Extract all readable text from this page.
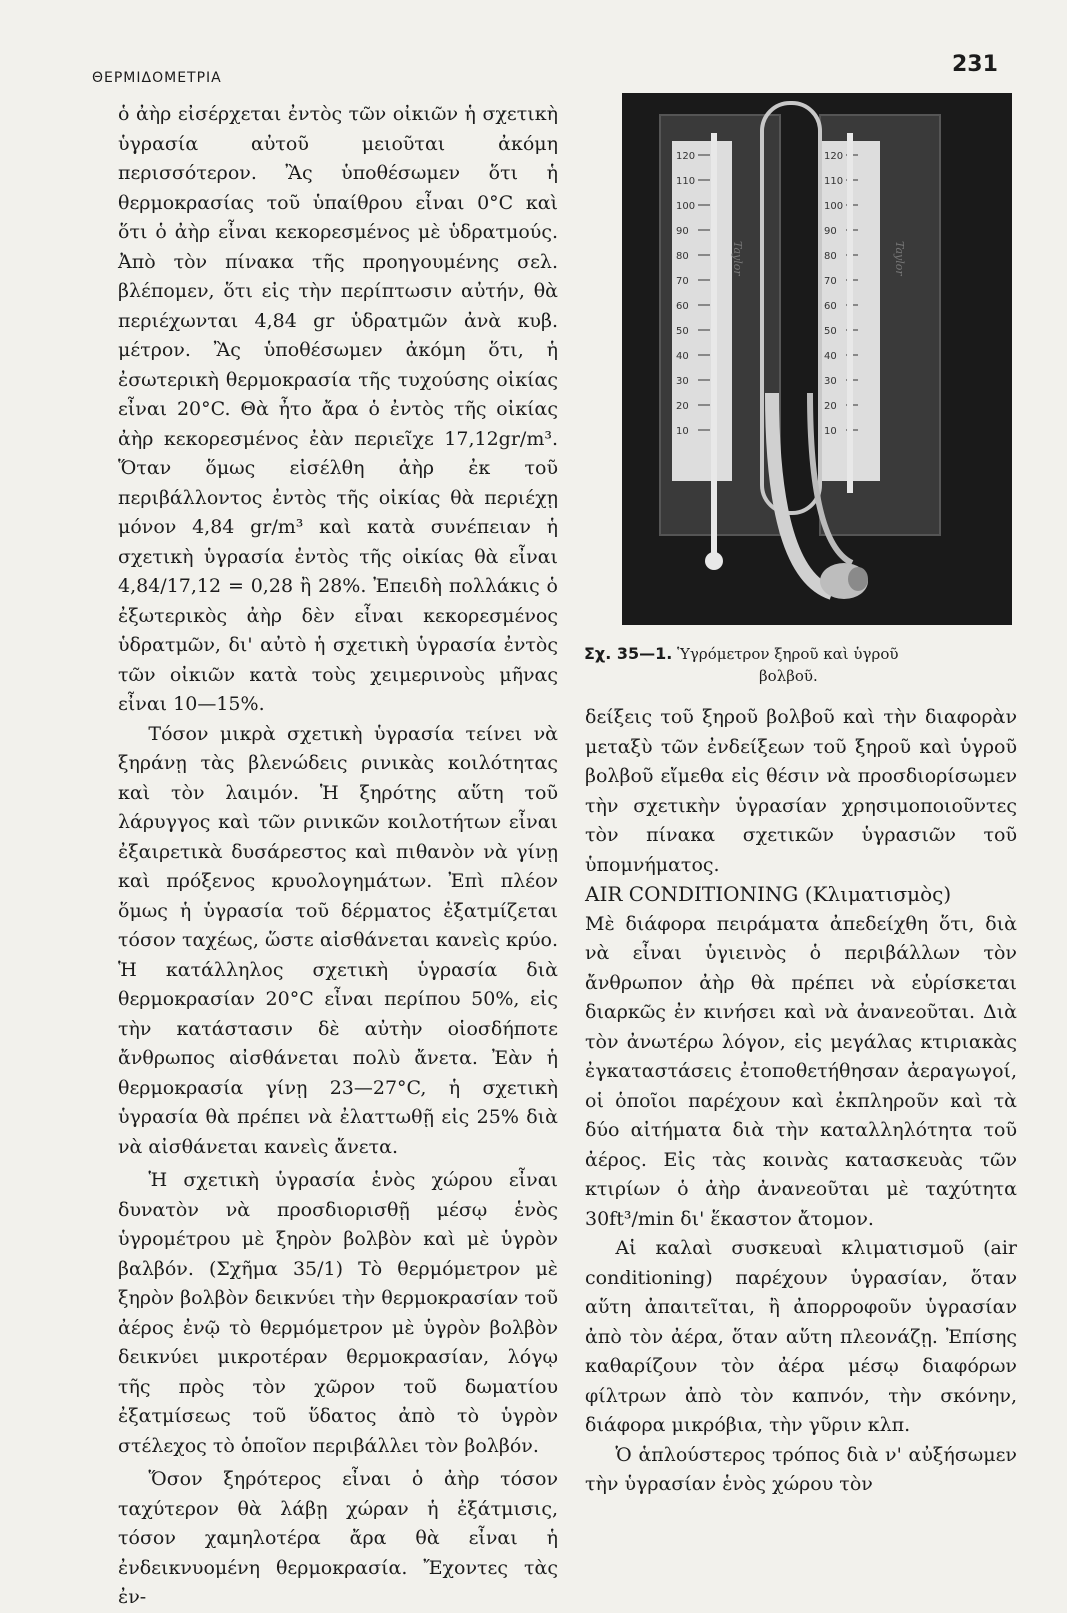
ΘΕΡΜΙΔΟΜΕΤΡΙΑ
231

ὁ ἀὴρ εἰσέρχεται ἐντὸς τῶν οἰκιῶν ἡ σχετικὴ ὑγρασία αὐτοῦ μειοῦται ἀκόμη περισσότερον. Ἂς ὑποθέσωμεν ὅτι ἡ θερμοκρασίας τοῦ ὑπαίθρου εἶναι 0°C καὶ ὅτι ὁ ἀὴρ εἶναι κεκορεσμένος μὲ ὑδρατμούς. Ἀπὸ τὸν πίνακα τῆς προηγουμένης σελ. βλέπομεν, ὅτι εἰς τὴν περίπτωσιν αὐτήν, θὰ περιέχωνται 4,84 gr ὑδρατμῶν ἀνὰ κυβ. μέτρον. Ἂς ὑποθέσωμεν ἀκόμη ὅτι, ἡ ἐσωτερικὴ θερμοκρασία τῆς τυχούσης οἰκίας εἶναι 20°C. Θὰ ἦτο ἄρα ὁ ἐντὸς τῆς οἰκίας ἀὴρ κεκορεσμένος ἐὰν περιεῖχε 17,12gr/m³. Ὅταν ὅμως εἰσέλθη ἀὴρ ἐκ τοῦ περιβάλλοντος ἐντὸς τῆς οἰκίας θὰ περιέχῃ μόνον 4,84 gr/m³ καὶ κατὰ συνέπειαν ἡ σχετικὴ ὑγρασία ἐντὸς τῆς οἰκίας θὰ εἶναι 4,84/17,12 = 0,28 ἢ 28%. Ἐπειδὴ πολλάκις ὁ ἐξωτερικὸς ἀὴρ δὲν εἶναι κεκορεσμένος ὑδρατμῶν, δι' αὐτὸ ἡ σχετικὴ ὑγρασία ἐντὸς τῶν οἰκιῶν κατὰ τοὺς χειμερινοὺς μῆνας εἶναι 10—15%.

Τόσον μικρὰ σχετικὴ ὑγρασία τείνει νὰ ξηράνῃ τὰς βλενώδεις ρινικὰς κοιλότητας καὶ τὸν λαιμόν. Ἡ ξηρότης αὕτη τοῦ λάρυγγος καὶ τῶν ρινικῶν κοιλοτήτων εἶναι ἐξαιρετικὰ δυσάρεστος καὶ πιθανὸν νὰ γίνῃ καὶ πρόξενος κρυολογημάτων. Ἐπὶ πλέον ὅμως ἡ ὑγρασία τοῦ δέρματος ἐξατμίζεται τόσον ταχέως, ὥστε αἰσθάνεται κανεὶς κρύο. Ἡ κατάλληλος σχετικὴ ὑγρασία διὰ θερμοκρασίαν 20°C εἶναι περίπου 50%, εἰς τὴν κατάστασιν δὲ αὐτὴν οἱοσδήποτε ἄνθρωπος αἰσθάνεται πολὺ ἄνετα. Ἐὰν ἡ θερμοκρασία γίνῃ 23—27°C, ἡ σχετικὴ ὑγρασία θὰ πρέπει νὰ ἐλαττωθῇ εἰς 25% διὰ νὰ αἰσθάνεται κανεὶς ἄνετα.

Ἡ σχετικὴ ὑγρασία ἑνὸς χώρου εἶναι δυνατὸν νὰ προσδιορισθῇ μέσῳ ἑνὸς ὑγρομέτρου μὲ ξηρὸν βολβὸν καὶ μὲ ὑγρὸν βαλβόν. (Σχῆμα 35/1) Τὸ θερμόμετρον μὲ ξηρὸν βολβὸν δεικνύει τὴν θερμοκρασίαν τοῦ ἀέρος ἐνῷ τὸ θερμόμετρον μὲ ὑγρὸν βολβὸν δεικνύει μικροτέραν θερμοκρασίαν, λόγῳ τῆς πρὸς τὸν χῶρον τοῦ δωματίου ἐξατμίσεως τοῦ ὕδατος ἀπὸ τὸ ὑγρὸν στέλεχος τὸ ὁποῖον περιβάλλει τὸν βολβόν.

Ὅσον ξηρότερος εἶναι ὁ ἀὴρ τόσον ταχύτερον θὰ λάβῃ χώραν ἡ ἐξάτμισις, τόσον χαμηλοτέρα ἄρα θὰ εἶναι ἡ ἐνδεικνυομένη θερμοκρασία. Ἔχοντες τὰς ἐν-

120
110
100
90
80
70
60
50
40
30
20
10
120
110
100
90
80
70
60
50
40
30
20
10
Taylor	Taylor
Σχ. 35—1. Ὑγρόμετρον ξηροῦ καὶ ὑγροῦ
βολβοῦ.

δείξεις τοῦ ξηροῦ βολβοῦ καὶ τὴν διαφορὰν μεταξὺ τῶν ἐνδείξεων τοῦ ξηροῦ καὶ ὑγροῦ βολβοῦ εἴμεθα εἰς θέσιν νὰ προσδιορίσωμεν τὴν σχετικὴν ὑγρασίαν χρησιμοποιοῦντες τὸν πίνακα σχετικῶν ὑγρασιῶν τοῦ ὑπομνήματος.

AIR CONDITIONING (Κλιματισμὸς)

Μὲ διάφορα πειράματα ἀπεδείχθη ὅτι, διὰ νὰ εἶναι ὑγιεινὸς ὁ περιβάλλων τὸν ἄνθρωπον ἀὴρ θὰ πρέπει νὰ εὑρίσκεται διαρκῶς ἐν κινήσει καὶ νὰ ἀνανεοῦται. Διὰ τὸν ἀνωτέρω λόγον, εἰς μεγάλας κτιριακὰς ἐγκαταστάσεις ἐτοποθετήθησαν ἀεραγωγοί, οἱ ὁποῖοι παρέχουν καὶ ἐκπληροῦν καὶ τὰ δύο αἰτήματα διὰ τὴν καταλληλότητα τοῦ ἀέρος. Εἰς τὰς κοινὰς κατασκευὰς τῶν κτιρίων ὁ ἀὴρ ἀνανεοῦται μὲ ταχύτητα 30ft³/min δι' ἕκαστον ἄτομον.

Αἱ καλαὶ συσκευαὶ κλιματισμοῦ (air conditioning) παρέχουν ὑγρασίαν, ὅταν αὕτη ἀπαιτεῖται, ἢ ἀπορροφοῦν ὑγρασίαν ἀπὸ τὸν ἀέρα, ὅταν αὕτη πλεονάζῃ. Ἐπίσης καθαρίζουν τὸν ἀέρα μέσῳ διαφόρων φίλτρων ἀπὸ τὸν καπνόν, τὴν σκόνην, διάφορα μικρόβια, τὴν γῦριν κλπ.

Ὁ ἁπλούστερος τρόπος διὰ ν' αὐξήσωμεν τὴν ὑγρασίαν ἑνὸς χώρου τὸν
